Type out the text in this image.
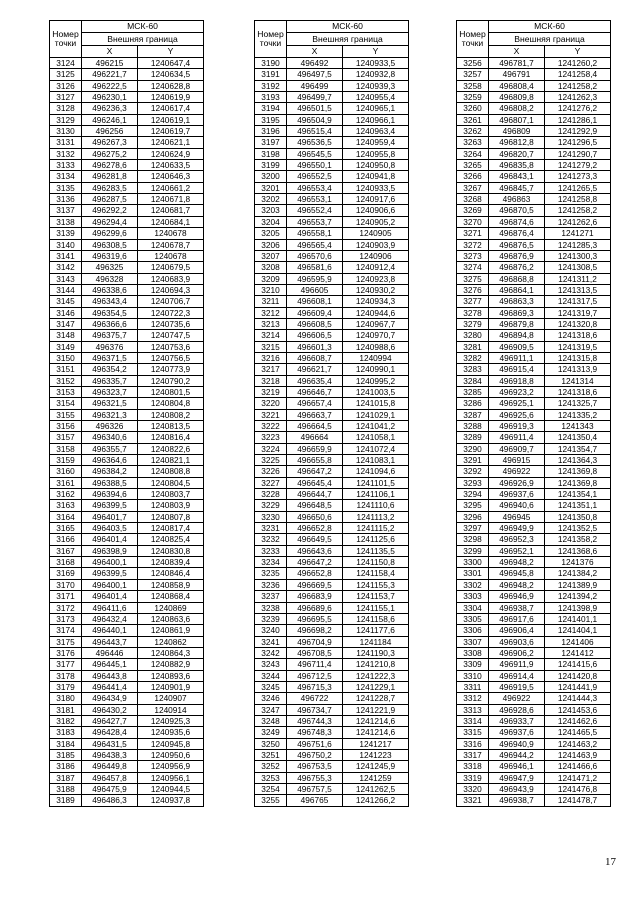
Номер
точки	МСК-60	
	Внешняя граница	
	X	Y
3124	496215	1240647,4
3125	496221,7	1240634,5
3126	496222,5	1240628,8
3127	496230,1	1240619,9
3128	496236,3	1240617,4
3129	496246,1	1240619,1
3130	496256	1240619,7
3131	496267,3	1240621,1
3132	496275,2	1240624,9
3133	496278,6	1240633,5
3134	496281,8	1240646,3
3135	496283,5	1240661,2
3136	496287,5	1240671,8
3137	496292,2	1240681,7
3138	496294,4	1240684,1
3139	496299,6	1240678
3140	496308,5	1240678,7
3141	496319,6	1240678
3142	496325	1240679,5
3143	496328	1240683,9
3144	496338,6	1240694,3
3145	496343,4	1240706,7
3146	496354,5	1240722,3
3147	496366,6	1240735,6
3148	496375,7	1240747,5
3149	496376	1240753,6
3150	496371,5	1240756,5
3151	496354,2	1240773,9
3152	496335,7	1240790,2
3153	496323,7	1240801,5
3154	496321,5	1240804,8
3155	496321,3	1240808,2
3156	496326	1240813,5
3157	496340,6	1240816,4
3158	496355,7	1240822,6
3159	496364,6	1240821,1
3160	496384,2	1240808,8
3161	496388,5	1240804,5
3162	496394,6	1240803,7
3163	496399,5	1240803,9
3164	496401,7	1240807,8
3165	496403,5	1240817,4
3166	496401,4	1240825,4
3167	496398,9	1240830,8
3168	496400,1	1240839,4
3169	496399,5	1240846,4
3170	496400,1	1240858,9
3171	496401,4	1240868,4
3172	496411,6	1240869
3173	496432,4	1240863,6
3174	496440,1	1240861,9
3175	496443,7	1240862
3176	496446	1240864,3
3177	496445,1	1240882,9
3178	496443,8	1240893,6
3179	496441,4	1240901,9
3180	496434,9	1240907
3181	496430,2	1240914
3182	496427,7	1240925,3
3183	496428,4	1240935,6
3184	496431,5	1240945,8
3185	496438,3	1240950,6
3186	496449,8	1240956,9
3187	496457,8	1240956,1
3188	496475,9	1240944,5
3189	496486,3	1240937,8
Номер
точки	МСК-60	
	Внешняя граница	
	X	Y
3190	496492	1240933,5
3191	496497,5	1240932,8
3192	496499	1240939,3
3193	496499,7	1240955,4
3194	496501,5	1240965,1
3195	496504,9	1240966,1
3196	496515,4	1240963,4
3197	496536,5	1240959,4
3198	496545,5	1240955,8
3199	496550,1	1240950,8
3200	496552,5	1240941,8
3201	496553,4	1240933,5
3202	496553,1	1240917,6
3203	496552,4	1240906,6
3204	496553,7	1240905,2
3205	496558,1	1240905
3206	496565,4	1240903,9
3207	496570,6	1240906
3208	496581,6	1240912,4
3209	496595,9	1240923,8
3210	496605	1240930,2
3211	496608,1	1240934,3
3212	496609,4	1240944,6
3213	496608,5	1240967,7
3214	496606,5	1240970,7
3215	496601,3	1240988,6
3216	496608,7	1240994
3217	496621,7	1240990,1
3218	496635,4	1240995,2
3219	496646,7	1241003,5
3220	496657,4	1241015,8
3221	496663,7	1241029,1
3222	496664,5	1241041,2
3223	496664	1241058,1
3224	496659,9	1241072,4
3225	496655,8	1241083,1
3226	496647,2	1241094,6
3227	496645,4	1241101,5
3228	496644,7	1241106,1
3229	496648,5	1241110,6
3230	496650,6	1241113,2
3231	496652,8	1241115,2
3232	496649,5	1241125,6
3233	496643,6	1241135,5
3234	496647,2	1241150,8
3235	496652,8	1241158,4
3236	496669,5	1241155,3
3237	496683,9	1241153,7
3238	496689,6	1241155,1
3239	496695,5	1241158,6
3240	496698,2	1241177,6
3241	496704,9	1241184
3242	496708,5	1241190,3
3243	496711,4	1241210,8
3244	496712,5	1241222,3
3245	496715,3	1241229,1
3246	496722	1241228,7
3247	496734,7	1241221,9
3248	496744,3	1241214,6
3249	496748,3	1241214,6
3250	496751,6	1241217
3251	496750,2	1241223
3252	496753,5	1241245,9
3253	496755,3	1241259
3254	496757,5	1241262,5
3255	496765	1241266,2
Номер
точки	МСК-60	
	Внешняя граница	
	X	Y
3256	496781,7	1241260,2
3257	496791	1241258,4
3258	496808,4	1241258,2
3259	496809,8	1241262,3
3260	496808,2	1241276,2
3261	496807,1	1241286,1
3262	496809	1241292,9
3263	496812,8	1241296,5
3264	496820,7	1241290,7
3265	496835,8	1241279,2
3266	496843,1	1241273,3
3267	496845,7	1241265,5
3268	496863	1241258,8
3269	496870,5	1241258,2
3270	496874,6	1241262,6
3271	496876,4	1241271
3272	496876,5	1241285,3
3273	496876,9	1241300,3
3274	496876,2	1241308,5
3275	496868,8	1241311,2
3276	496864,1	1241313,5
3277	496863,3	1241317,5
3278	496869,3	1241319,7
3279	496879,8	1241320,8
3280	496894,8	1241318,6
3281	496909,5	1241319,5
3282	496911,1	1241315,8
3283	496915,4	1241313,9
3284	496918,8	1241314
3285	496923,2	1241318,6
3286	496925,1	1241325,7
3287	496925,6	1241335,2
3288	496919,3	1241343
3289	496911,4	1241350,4
3290	496909,7	1241354,7
3291	496915	1241364,3
3292	496922	1241369,8
3293	496926,9	1241369,8
3294	496937,6	1241354,1
3295	496940,6	1241351,1
3296	496945	1241350,8
3297	496949,9	1241352,5
3298	496952,3	1241358,2
3299	496952,1	1241368,6
3300	496948,2	1241376
3301	496945,8	1241384,2
3302	496948,2	1241389,9
3303	496946,9	1241394,2
3304	496938,7	1241398,9
3305	496917,6	1241401,1
3306	496906,4	1241404,1
3307	496903,6	1241406
3308	496906,2	1241412
3309	496911,9	1241415,6
3310	496914,4	1241420,8
3311	496919,5	1241441,9
3312	496922	1241444,3
3313	496928,6	1241453,6
3314	496933,7	1241462,6
3315	496937,6	1241465,5
3316	496940,9	1241463,2
3317	496944,2	1241463,9
3318	496946,1	1241466,6
3319	496947,9	1241471,2
3320	496943,9	1241476,8
3321	496938,7	1241478,7
17
